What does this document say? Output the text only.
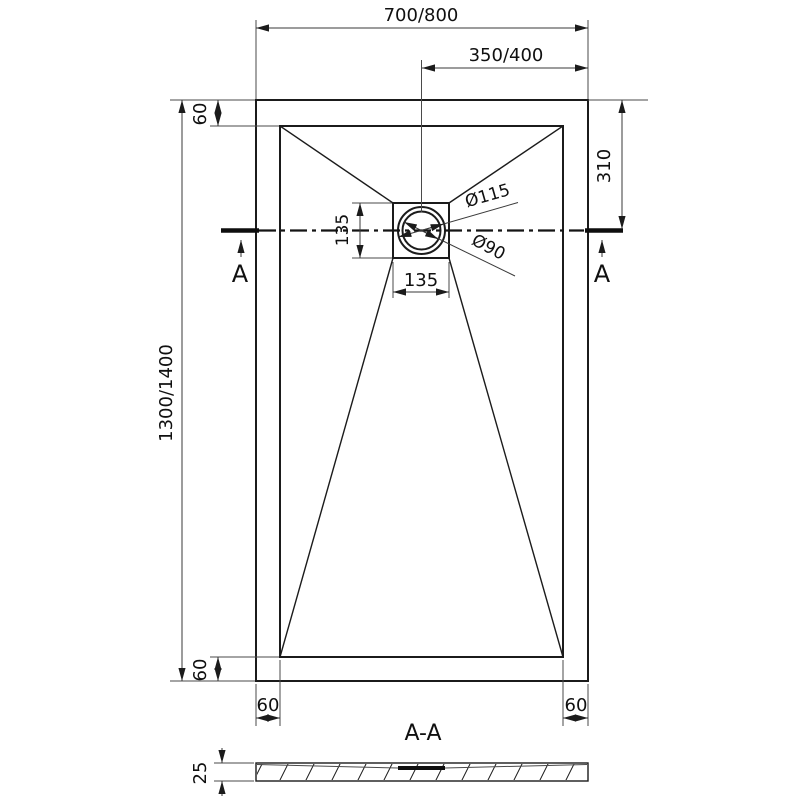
A	A
700/800
350/400
1300/1400
60
60
310
135
135
Ø115
Ø90
60	60
A-A
25
